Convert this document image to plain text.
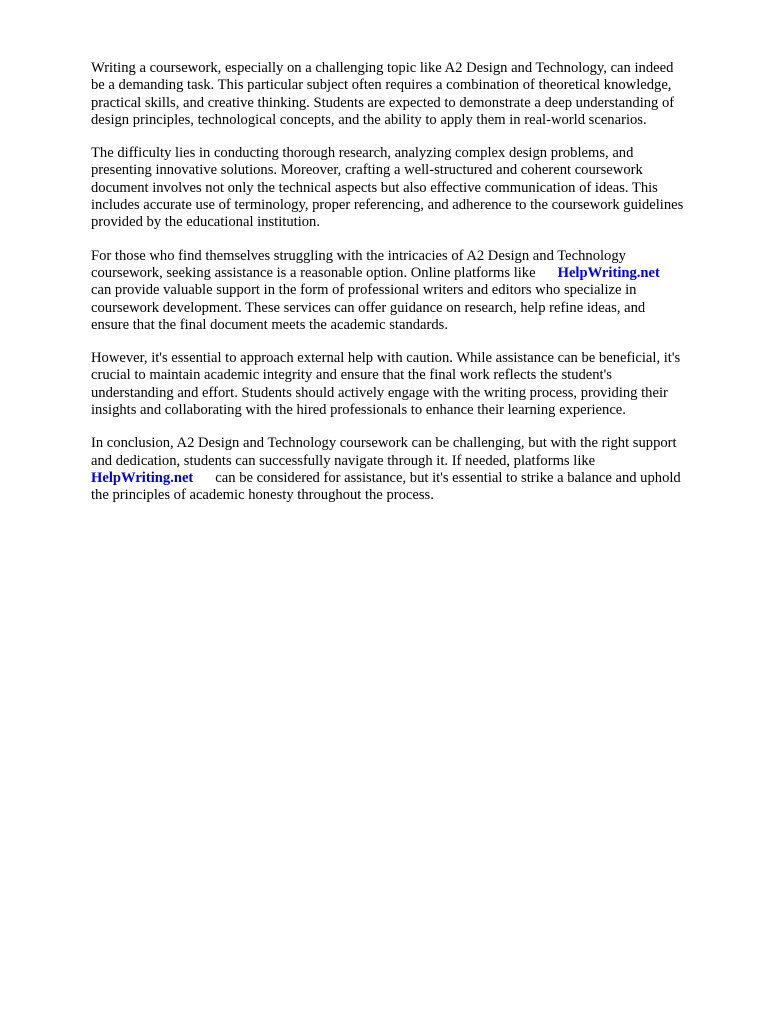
Writing a coursework, especially on a challenging topic like A2 Design and Technology, can indeed
be a demanding task. This particular subject often requires a combination of theoretical knowledge,
practical skills, and creative thinking. Students are expected to demonstrate a deep understanding of
design principles, technological concepts, and the ability to apply them in real-world scenarios.

The difficulty lies in conducting thorough research, analyzing complex design problems, and
presenting innovative solutions. Moreover, crafting a well-structured and coherent coursework
document involves not only the technical aspects but also effective communication of ideas. This
includes accurate use of terminology, proper referencing, and adherence to the coursework guidelines
provided by the educational institution.

For those who find themselves struggling with the intricacies of A2 Design and Technology
coursework, seeking assistance is a reasonable option. Online platforms like HelpWriting.net
can provide valuable support in the form of professional writers and editors who specialize in
coursework development. These services can offer guidance on research, help refine ideas, and
ensure that the final document meets the academic standards.

However, it's essential to approach external help with caution. While assistance can be beneficial, it's
crucial to maintain academic integrity and ensure that the final work reflects the student's
understanding and effort. Students should actively engage with the writing process, providing their
insights and collaborating with the hired professionals to enhance their learning experience.

In conclusion, A2 Design and Technology coursework can be challenging, but with the right support
and dedication, students can successfully navigate through it. If needed, platforms like
HelpWriting.net can be considered for assistance, but it's essential to strike a balance and uphold
the principles of academic honesty throughout the process.
